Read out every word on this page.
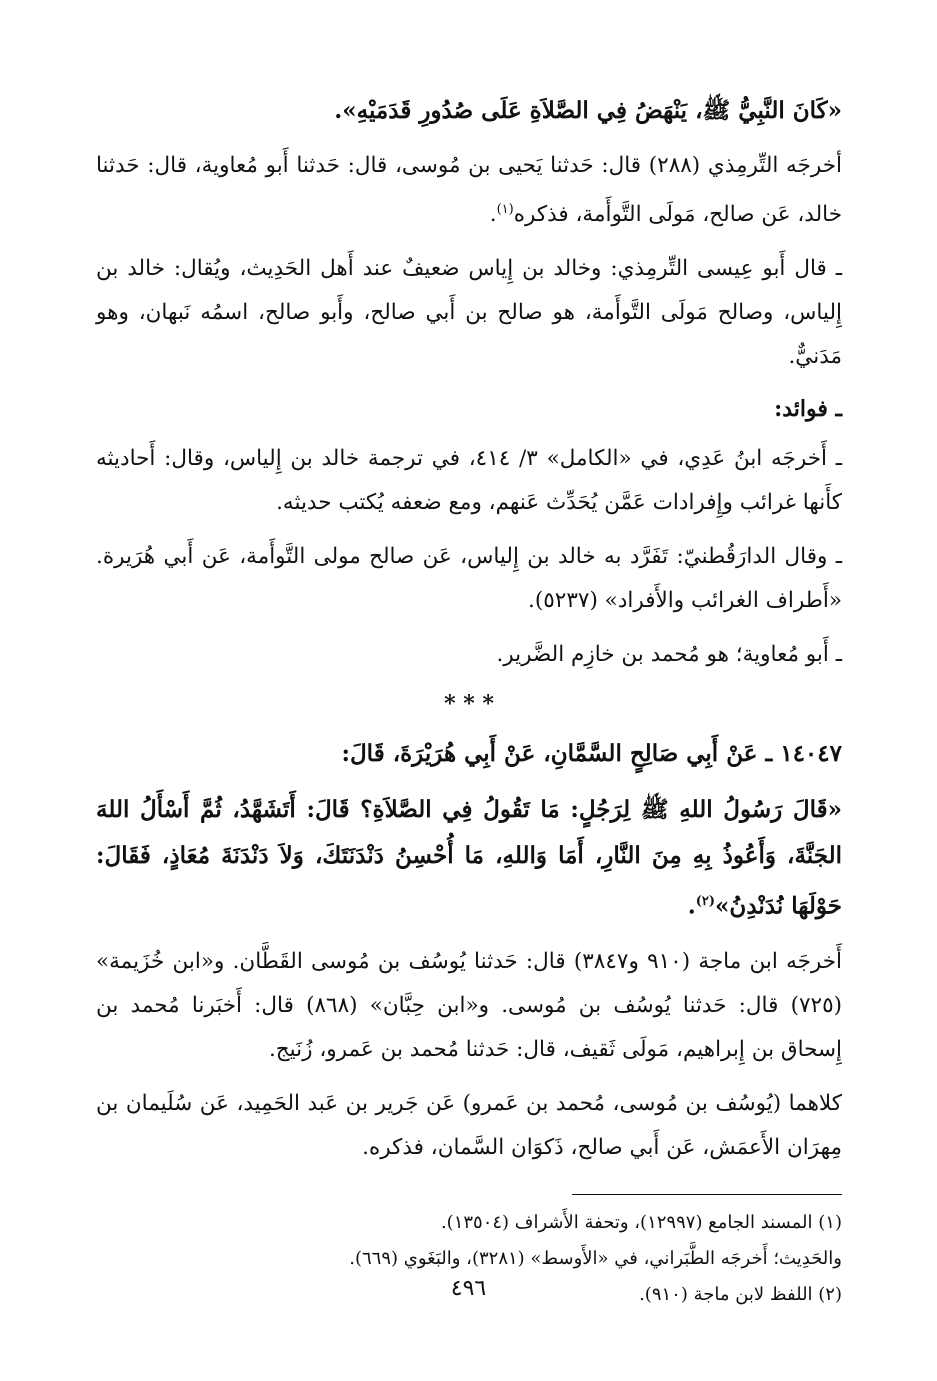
«كَانَ النَّبِيُّ ﷺ، يَنْهَضُ فِي الصَّلاَةِ عَلَى صُدُورِ قَدَمَيْهِ».

أخرجَه التِّرمِذي (٢٨٨) قال: حَدثنا يَحيى بن مُوسى، قال: حَدثنا أَبو مُعاوية، قال: حَدثنا خالد، عَن صالح، مَولَى التَّوأَمة، فذكره$^{(١)}$.

ـ قال أَبو عِيسى التِّرمِذي: وخالد بن إِياس ضعيفٌ عند أَهل الحَدِيث، ويُقال: خالد بن إِلياس، وصالح مَولَى التَّوأَمة، هو صالح بن أَبي صالح، وأَبو صالح، اسمُه نَبهان، وهو مَدَنيٌّ.

ـ فوائد:

ـ أَخرجَه ابنُ عَدِي، في «الكامل» ٣/ ٤١٤، في ترجمة خالد بن إِلياس، وقال: أَحاديثه كأَنها غرائب وإِفرادات عَمَّن يُحَدِّث عَنهم، ومع ضعفه يُكتب حديثه.

ـ وقال الدارَقُطنيّ: تَفَرَّد به خالد بن إِلياس، عَن صالح مولى التَّوأَمة، عَن أَبي هُرَيرة. «أَطراف الغرائب والأَفراد» (٥٢٣٧).

ـ أَبو مُعاوية؛ هو مُحمد بن خازِم الضَّرير.

* * *

١٤٠٤٧ ـ عَنْ أَبِي صَالِحٍ السَّمَّانِ، عَنْ أَبِي هُرَيْرَةَ، قَالَ:

«قَالَ رَسُولُ اللهِ ﷺ لِرَجُلٍ: مَا تَقُولُ فِي الصَّلاَةِ؟ قَالَ: أَتَشَهَّدُ، ثُمَّ أَسْأَلُ اللهَ الجَنَّةَ، وَأَعُوذُ بِهِ مِنَ النَّارِ، أَمَا وَاللهِ، مَا أُحْسِنُ دَنْدَنَتَكَ، وَلاَ دَنْدَنَةَ مُعَاذٍ، فَقَالَ: حَوْلَهَا نُدَنْدِنُ»$^{(٢)}$.

أَخرجَه ابن ماجة (٩١٠ و٣٨٤٧) قال: حَدثنا يُوسُف بن مُوسى القَطَّان. و«ابن خُزَيمة» (٧٢٥) قال: حَدثنا يُوسُف بن مُوسى. و«ابن حِبَّان» (٨٦٨) قال: أَخبَرنا مُحمد بن إِسحاق بن إِبراهيم، مَولَى ثَقيف، قال: حَدثنا مُحمد بن عَمرو، زُنَيج.

كلاهما (يُوسُف بن مُوسى، مُحمد بن عَمرو) عَن جَرير بن عَبد الحَمِيد، عَن سُلَيمان بن مِهرَان الأَعمَش، عَن أَبي صالح، ذَكوَان السَّمان، فذكره.

(١) المسند الجامع (١٢٩٩٧)، وتحفة الأَشراف (١٣٥٠٤).

والحَدِيث؛ أَخرجَه الطَّبَراني، في «الأَوسط» (٣٢٨١)، والبَغَوي (٦٦٩).

(٢) اللفظ لابن ماجة (٩١٠).

٤٩٦
